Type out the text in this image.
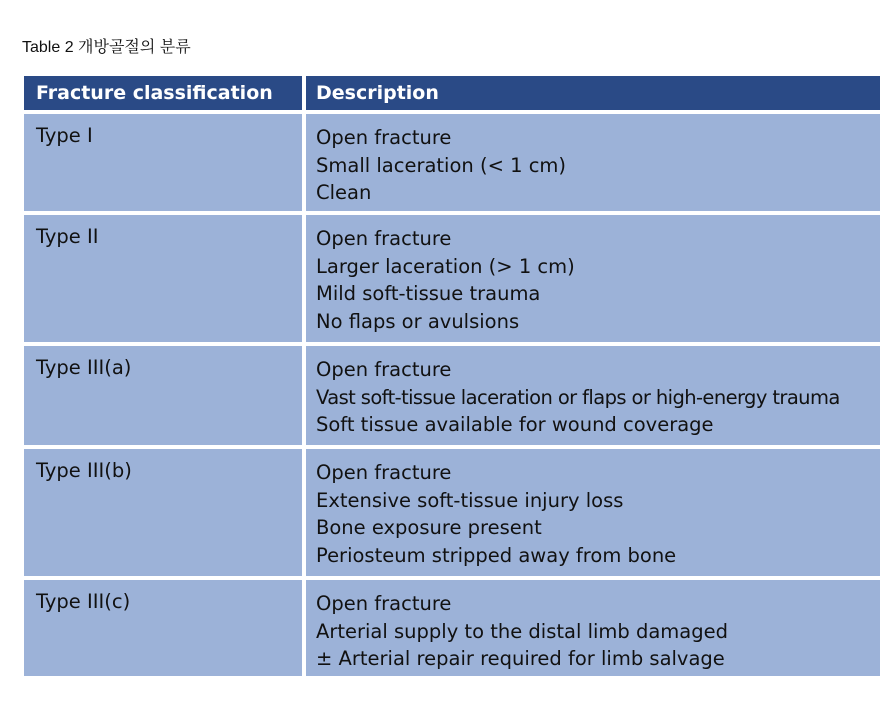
Table 2 개방골절의 분류
Fracture classification	Description
Type I	Open fracture
Small laceration (< 1 cm)
Clean
Type II	Open fracture
Larger laceration (> 1 cm)
Mild soft-tissue trauma
No flaps or avulsions
Type III(a)	Open fracture
Vast soft-tissue laceration or flaps or high-energy trauma
Soft tissue available for wound coverage
Type III(b)	Open fracture
Extensive soft-tissue injury loss
Bone exposure present
Periosteum stripped away from bone
Type III(c)	Open fracture
Arterial supply to the distal limb damaged
± Arterial repair required for limb salvage
